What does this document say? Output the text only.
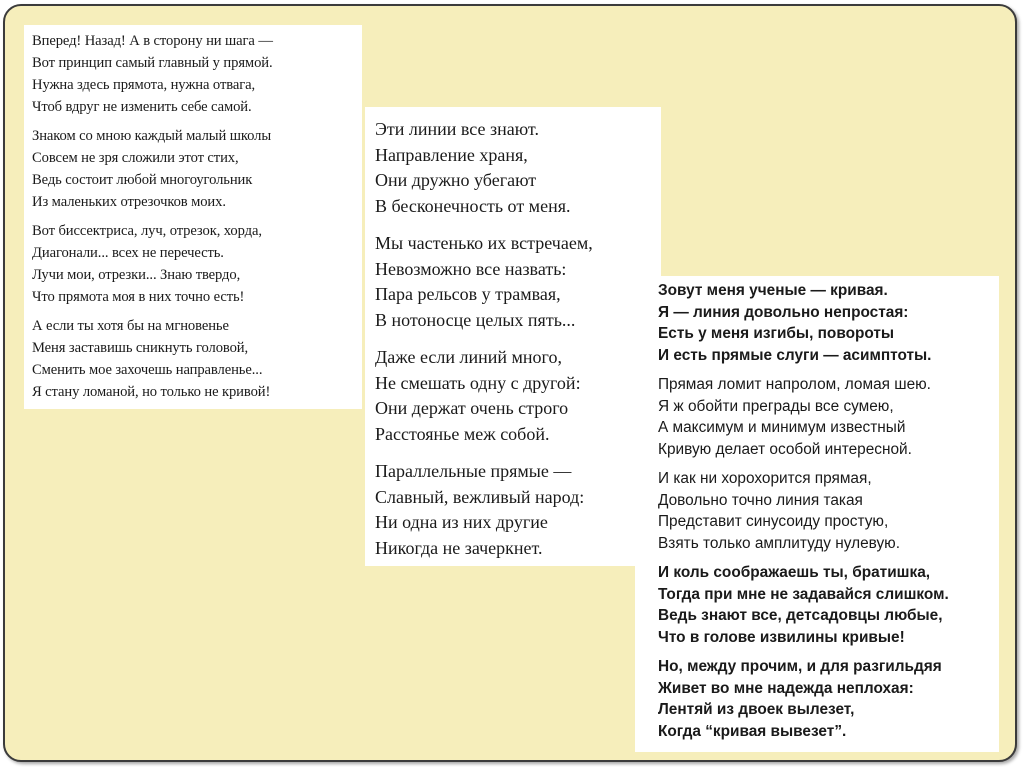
Вперед! Назад! А в сторону ни шага —
Вот принцип самый главный у прямой.
Нужна здесь прямота, нужна отвага,
Чтоб вдруг не изменить себе самой.
Знаком со мною каждый малый школы
Совсем не зря сложили этот стих,
Ведь состоит любой многоугольник
Из маленьких отрезочков моих.
Вот биссектриса, луч, отрезок, хорда,
Диагонали... всех не перечесть.
Лучи мои, отрезки... Знаю твердо,
Что прямота моя в них точно есть!
А если ты хотя бы на мгновенье
Меня заставишь сникнуть головой,
Сменить мое захочешь направленье...
Я стану ломаной, но только не кривой!
Эти линии все знают.
Направление храня,
Они дружно убегают
В бесконечность от меня.
Мы частенько их встречаем,
Невозможно все назвать:
Пара рельсов у трамвая,
В нотоносце целых пять...
Даже если линий много,
Не смешать одну с другой:
Они держат очень строго
Расстоянье меж собой.
Параллельные прямые —
Славный, вежливый народ:
Ни одна из них другие
Никогда не зачеркнет.
Зовут меня ученые — кривая.
Я — линия довольно непростая:
Есть у меня изгибы, повороты
И есть прямые слуги — асимптоты.
Прямая ломит напролом, ломая шею.
Я ж обойти преграды все сумею,
А максимум и минимум известный
Кривую делает особой интересной.
И как ни хорохорится прямая,
Довольно точно линия такая
Представит синусоиду простую,
Взять только амплитуду нулевую.
И коль соображаешь ты, братишка,
Тогда при мне не задавайся слишком.
Ведь знают все, детсадовцы любые,
Что в голове извилины кривые!
Но, между прочим, и для разгильдяя
Живет во мне надежда неплохая:
Лентяй из двоек вылезет,
Когда “кривая вывезет”.
